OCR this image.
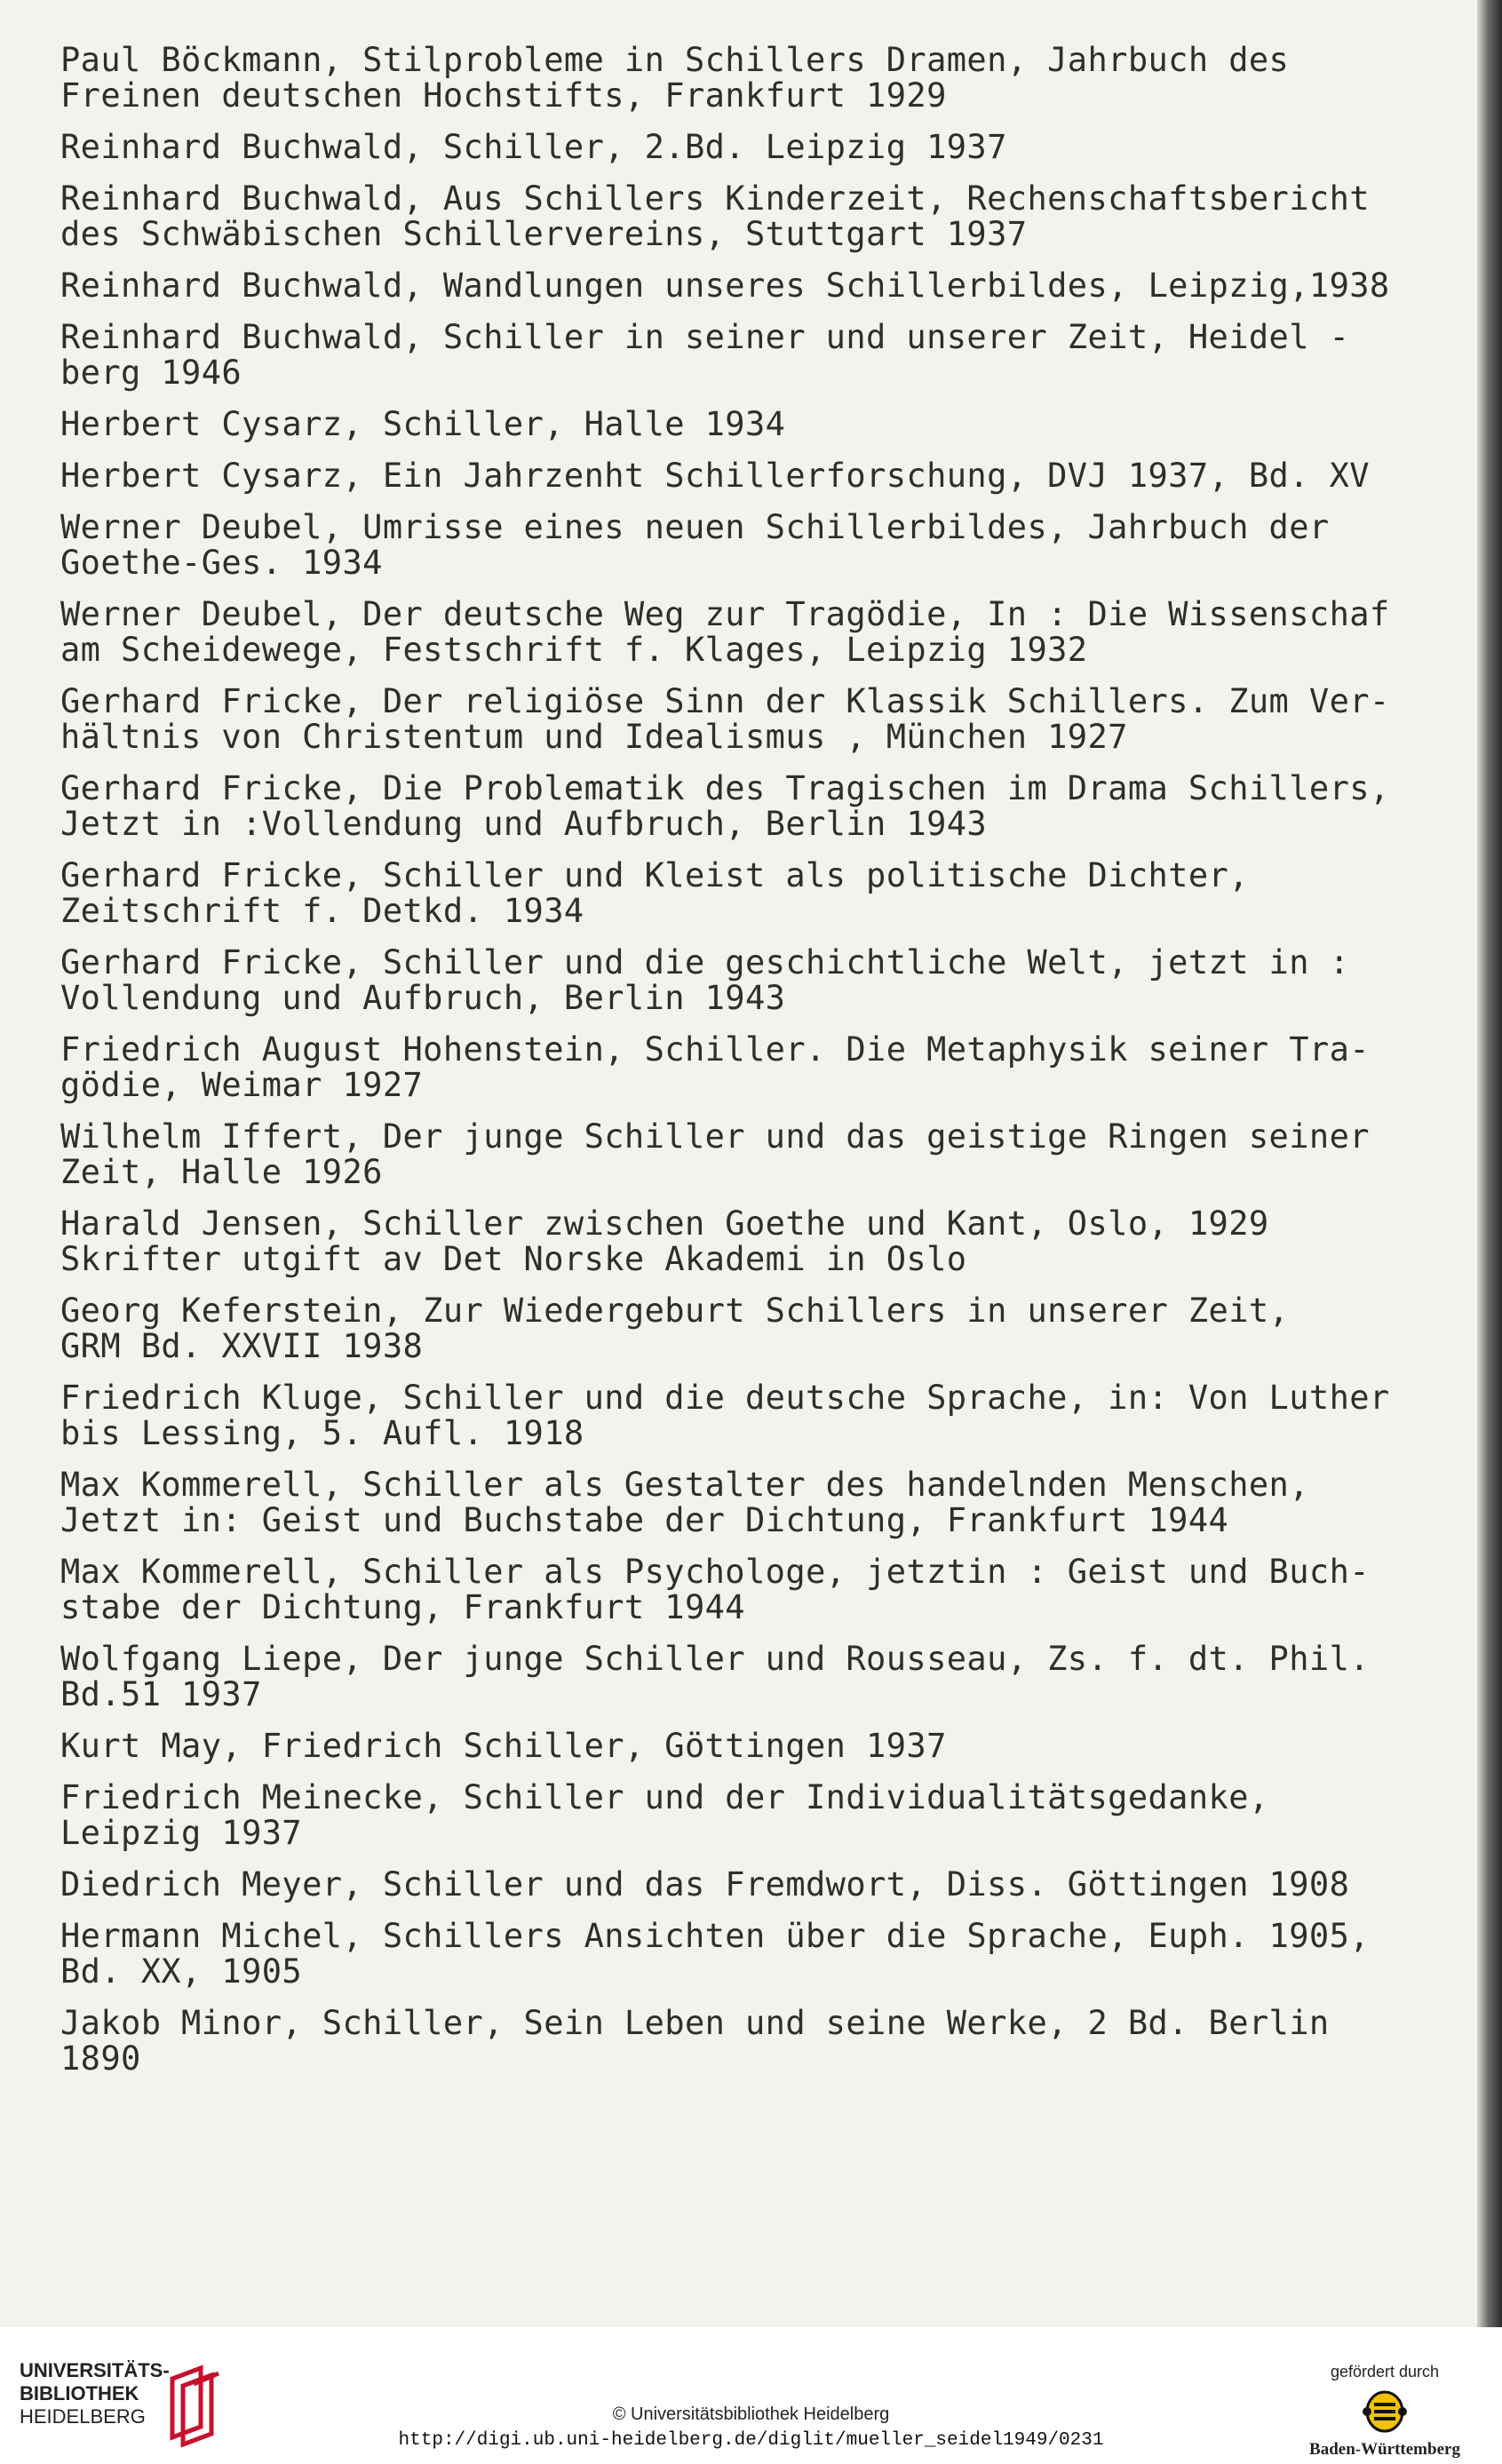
Paul Böckmann, Stilprobleme in Schillers Dramen, Jahrbuch des
Freinen deutschen Hochstifts, Frankfurt 1929
Reinhard Buchwald, Schiller, 2.Bd. Leipzig 1937
Reinhard Buchwald, Aus Schillers Kinderzeit, Rechenschaftsbericht
des Schwäbischen Schillervereins, Stuttgart 1937
Reinhard Buchwald, Wandlungen unseres Schillerbildes, Leipzig,1938
Reinhard Buchwald, Schiller in seiner und unserer Zeit, Heidel -
berg 1946
Herbert Cysarz, Schiller, Halle 1934
Herbert Cysarz, Ein Jahrzenht Schillerforschung, DVJ 1937, Bd. XV
Werner Deubel, Umrisse eines neuen Schillerbildes, Jahrbuch der
Goethe-Ges. 1934
Werner Deubel, Der deutsche Weg zur Tragödie, In : Die Wissenschaf
am Scheidewege, Festschrift f. Klages, Leipzig 1932
Gerhard Fricke, Der religiöse Sinn der Klassik Schillers. Zum Ver-
hältnis von Christentum und Idealismus , München 1927
Gerhard Fricke, Die Problematik des Tragischen im Drama Schillers,
Jetzt in :Vollendung und Aufbruch, Berlin 1943
Gerhard Fricke, Schiller und Kleist als politische Dichter,
Zeitschrift f. Detkd. 1934
Gerhard Fricke, Schiller und die geschichtliche Welt, jetzt in :
Vollendung und Aufbruch, Berlin 1943
Friedrich August Hohenstein, Schiller. Die Metaphysik seiner Tra-
gödie, Weimar 1927
Wilhelm Iffert, Der junge Schiller und das geistige Ringen seiner
Zeit, Halle 1926
Harald Jensen, Schiller zwischen Goethe und Kant, Oslo, 1929
Skrifter utgift av Det Norske Akademi in Oslo
Georg Keferstein, Zur Wiedergeburt Schillers in unserer Zeit,
GRM Bd. XXVII 1938
Friedrich Kluge, Schiller und die deutsche Sprache, in: Von Luther
bis Lessing, 5. Aufl. 1918
Max Kommerell, Schiller als Gestalter des handelnden Menschen,
Jetzt in: Geist und Buchstabe der Dichtung, Frankfurt 1944
Max Kommerell, Schiller als Psychologe, jetztin : Geist und Buch-
stabe der Dichtung, Frankfurt 1944
Wolfgang Liepe, Der junge Schiller und Rousseau, Zs. f. dt. Phil.
Bd.51 1937
Kurt May, Friedrich Schiller, Göttingen 1937
Friedrich Meinecke, Schiller und der Individualitätsgedanke,
Leipzig 1937
Diedrich Meyer, Schiller und das Fremdwort, Diss. Göttingen 1908
Hermann Michel, Schillers Ansichten über die Sprache, Euph. 1905,
Bd. XX, 1905
Jakob Minor, Schiller, Sein Leben und seine Werke, 2 Bd. Berlin
1890
UNIVERSITÄTS-
BIBLIOTHEK
HEIDELBERG	© Universitätsbibliothek Heidelberg
http://digi.ub.uni-heidelberg.de/diglit/mueller_seidel1949/0231
gefördert durch
Baden-Württemberg
